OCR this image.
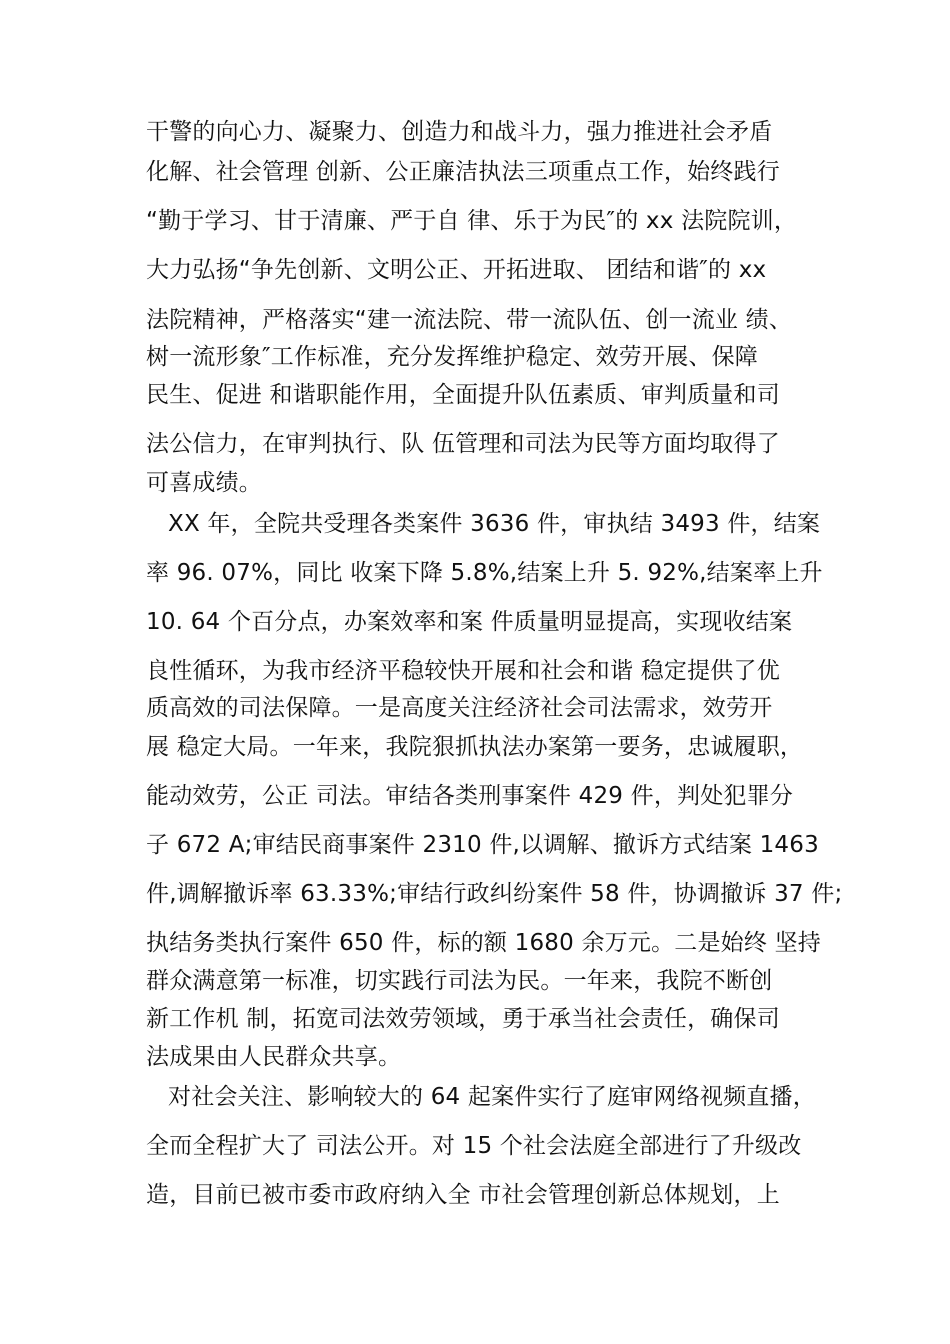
干警的向心力、凝聚力、创造力和战斗力，强力推进社会矛盾
化解、社会管理 创新、公正廉洁执法三项重点工作，始终践行
“勤于学习、甘于清廉、严于自 律、乐于为民″的 xx 法院院训，
大力弘扬“争先创新、文明公正、开拓进取、 团结和谐″的 xx
法院精神，严格落实“建一流法院、带一流队伍、创一流业 绩、
树一流形象″工作标准，充分发挥维护稳定、效劳开展、保障
民生、促进 和谐职能作用，全面提升队伍素质、审判质量和司
法公信力，在审判执行、队 伍管理和司法为民等方面均取得了
可喜成绩。
XX 年，全院共受理各类案件 3636 件，审执结 3493 件，结案
率 96. 07%，同比 收案下降 5.8%,结案上升 5. 92%,结案率上升
10. 64 个百分点，办案效率和案 件质量明显提高，实现收结案
良性循环，为我市经济平稳较快开展和社会和谐 稳定提供了优
质高效的司法保障。一是高度关注经济社会司法需求，效劳开
展 稳定大局。一年来，我院狠抓执法办案第一要务，忠诚履职，
能动效劳，公正 司法。审结各类刑事案件 429 件，判处犯罪分
子 672 A;审结民商事案件 2310 件,以调解、撤诉方式结案 1463
件,调解撤诉率 63.33%;审结行政纠纷案件 58 件，协调撤诉 37 件;
执结务类执行案件 650 件，标的额 1680 余万元。二是始终 坚持
群众满意第一标准，切实践行司法为民。一年来，我院不断创
新工作机 制，拓宽司法效劳领域，勇于承当社会责任，确保司
法成果由人民群众共享。
对社会关注、影响较大的 64 起案件实行了庭审网络视频直播，
全而全程扩大了 司法公开。对 15 个社会法庭全部进行了升级改
造，目前已被市委市政府纳入全 市社会管理创新总体规划，上
